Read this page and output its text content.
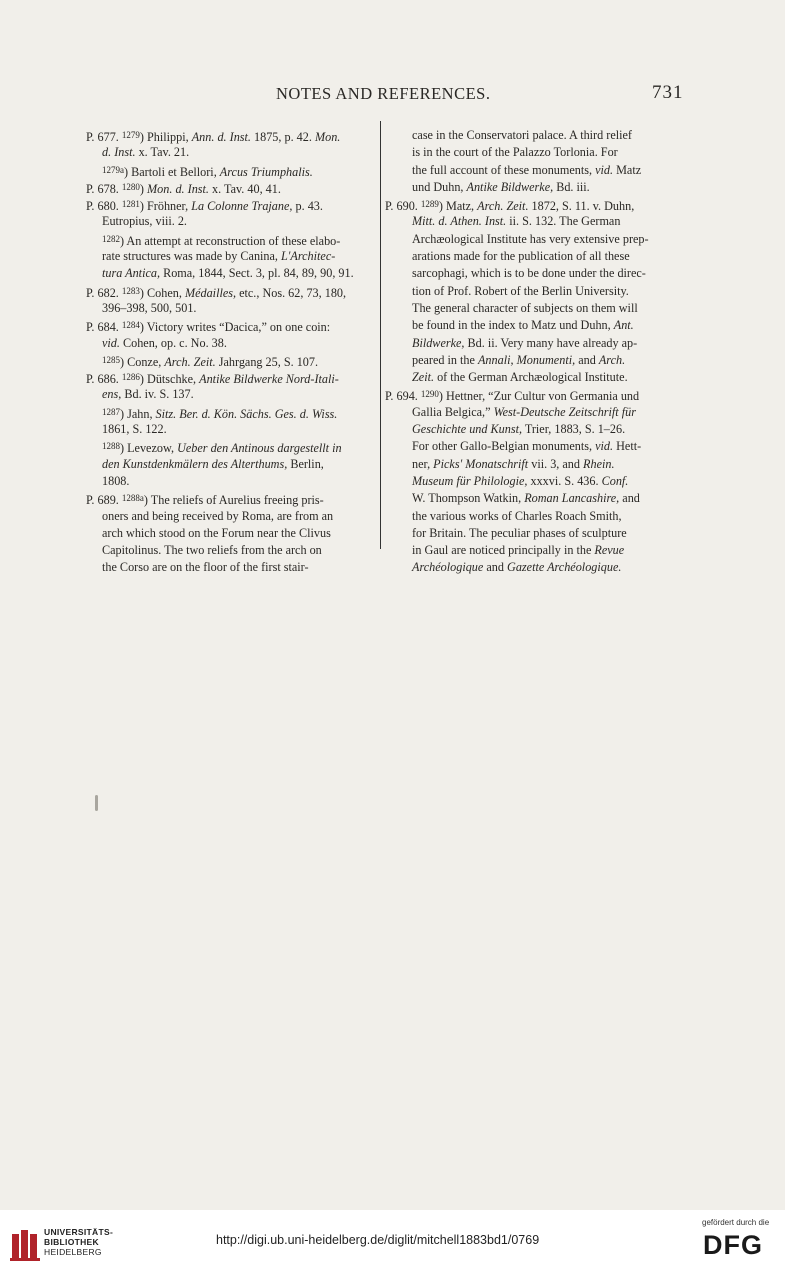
NOTES AND REFERENCES.	731
P. 677. $^{1279}$) Philippi, Ann. d. Inst. 1875, p. 42. Mon.
d. Inst. x. Tav. 21.
$^{1279a}$) Bartoli et Bellori, Arcus Triumphalis.
P. 678. $^{1280}$) Mon. d. Inst. x. Tav. 40, 41.
P. 680. $^{1281}$) Fröhner, La Colonne Trajane, p. 43.
Eutropius, viii. 2.
$^{1282}$) An attempt at reconstruction of these elabo-
rate structures was made by Canina, L'Architec-
tura Antica, Roma, 1844, Sect. 3, pl. 84, 89, 90, 91.
P. 682. $^{1283}$) Cohen, Médailles, etc., Nos. 62, 73, 180,
396–398, 500, 501.
P. 684. $^{1284}$) Victory writes “Dacica,” on one coin:
vid. Cohen, op. c. No. 38.
$^{1285}$) Conze, Arch. Zeit. Jahrgang 25, S. 107.
P. 686. $^{1286}$) Dütschke, Antike Bildwerke Nord-Itali-
ens, Bd. iv. S. 137.
$^{1287}$) Jahn, Sitz. Ber. d. Kön. Sächs. Ges. d. Wiss.
1861, S. 122.
$^{1288}$) Levezow, Ueber den Antinous dargestellt in
den Kunstdenkmälern des Alterthums, Berlin,
1808.
P. 689. $^{1288a}$) The reliefs of Aurelius freeing pris-
oners and being received by Roma, are from an
arch which stood on the Forum near the Clivus
Capitolinus. The two reliefs from the arch on
the Corso are on the floor of the first stair-
case in the Conservatori palace. A third relief
is in the court of the Palazzo Torlonia. For
the full account of these monuments, vid. Matz
und Duhn, Antike Bildwerke, Bd. iii.
P. 690. $^{1289}$) Matz, Arch. Zeit. 1872, S. 11. v. Duhn,
Mitt. d. Athen. Inst. ii. S. 132. The German
Archæological Institute has very extensive prep-
arations made for the publication of all these
sarcophagi, which is to be done under the direc-
tion of Prof. Robert of the Berlin University.
The general character of subjects on them will
be found in the index to Matz und Duhn, Ant.
Bildwerke, Bd. ii. Very many have already ap-
peared in the Annali, Monumenti, and Arch.
Zeit. of the German Archæological Institute.
P. 694. $^{1290}$) Hettner, “Zur Cultur von Germania und
Gallia Belgica,” West-Deutsche Zeitschrift für
Geschichte und Kunst, Trier, 1883, S. 1–26.
For other Gallo-Belgian monuments, vid. Hett-
ner, Picks' Monatschrift vii. 3, and Rhein.
Museum für Philologie, xxxvi. S. 436. Conf.
W. Thompson Watkin, Roman Lancashire, and
the various works of Charles Roach Smith,
for Britain. The peculiar phases of sculpture
in Gaul are noticed principally in the Revue
Archéologique and Gazette Archéologique.
UNIVERSITÄTS-
BIBLIOTHEK
HEIDELBERG
http://digi.ub.uni-heidelberg.de/diglit/mitchell1883bd1/0769
gefördert durch die
DFG
